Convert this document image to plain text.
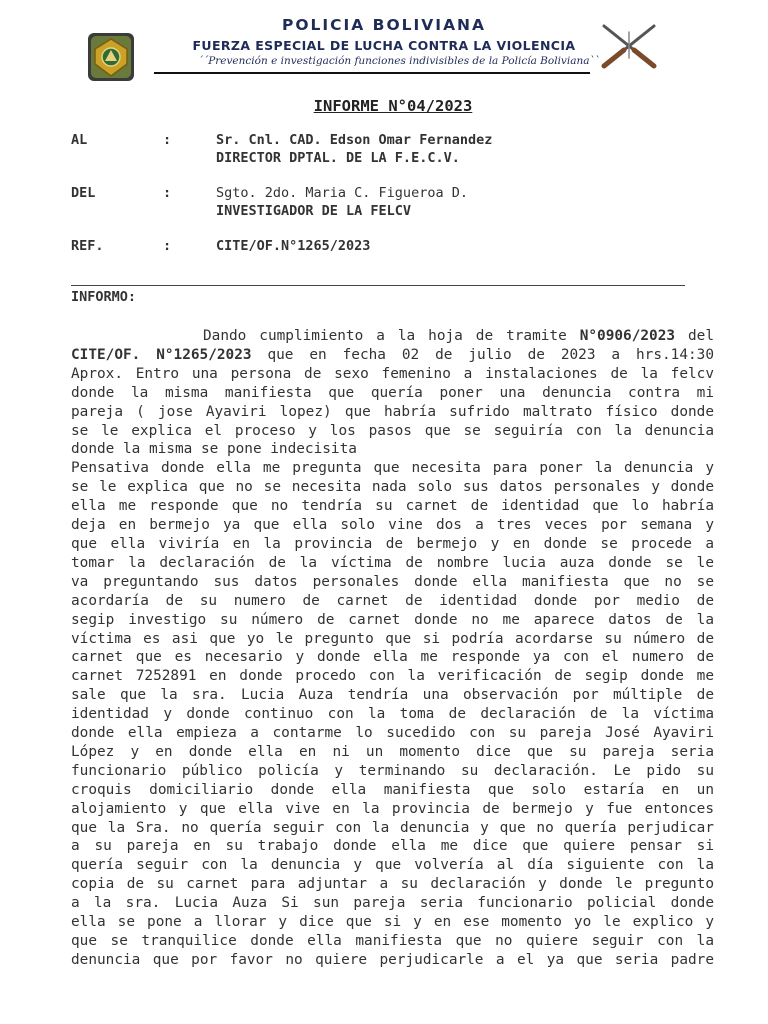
POLICIA BOLIVIANA
FUERZA ESPECIAL DE LUCHA CONTRA LA VIOLENCIA
´´Prevención e investigación funciones indivisibles de la Policía Boliviana``
INFORME N°04/2023
AL	:	Sr. Cnl. CAD. Edson Omar Fernandez
DIRECTOR DPTAL. DE LA F.E.C.V.
DEL	:	Sgto. 2do. Maria C. Figueroa D.
INVESTIGADOR DE LA FELCV
REF.	:	CITE/OF.N°1265/2023
INFORMO:
Dando cumplimiento a la hoja de tramite N°0906/2023 del
CITE/OF. N°1265/2023 que en fecha 02 de julio de 2023 a hrs.14:30
Aprox. Entro una persona de sexo femenino a instalaciones de la felcv
donde la misma manifiesta que quería poner una denuncia contra mi
pareja ( jose Ayaviri lopez) que habría sufrido maltrato físico donde
se le explica el proceso y los pasos que se seguiría con la denuncia
donde la misma se pone indecisita
Pensativa donde ella me pregunta que necesita para poner la denuncia y
se le explica que no se necesita nada solo sus datos personales y donde
ella me responde que no tendría su carnet de identidad que lo habría
deja en bermejo ya que ella solo vine dos a tres veces por semana y
que ella viviría en la provincia de bermejo y en donde se procede a
tomar la declaración de la víctima de nombre lucia auza donde se le
va preguntando sus datos personales donde ella manifiesta que no se
acordaría de su numero de carnet de identidad donde por medio de
segip investigo su número de carnet donde no me aparece datos de la
víctima es asi que yo le pregunto que si podría acordarse su número de
carnet que es necesario y donde ella me responde ya con el numero de
carnet 7252891 en donde procedo con la verificación de segip donde me
sale que la sra. Lucia Auza tendría una observación por múltiple de
identidad y donde continuo con la toma de declaración de la víctima
donde ella empieza a contarme lo sucedido con su pareja José Ayaviri
López y en donde ella en ni un momento dice que su pareja seria
funcionario público policía y terminando su declaración. Le pido su
croquis domiciliario donde ella manifiesta que solo estaría en un
alojamiento y que ella vive en la provincia de bermejo y fue entonces
que la Sra. no quería seguir con la denuncia y que no quería perjudicar
a su pareja en su trabajo donde ella me dice que quiere pensar si
quería seguir con la denuncia y que volvería al día siguiente con la
copia de su carnet para adjuntar a su declaración y donde le pregunto
a la sra. Lucia Auza Si sun pareja seria funcionario policial donde
ella se pone a llorar y dice que si y en ese momento yo le explico y
que se tranquilice donde ella manifiesta que no quiere seguir con la
denuncia que por favor no quiere perjudicarle a el ya que seria padre
